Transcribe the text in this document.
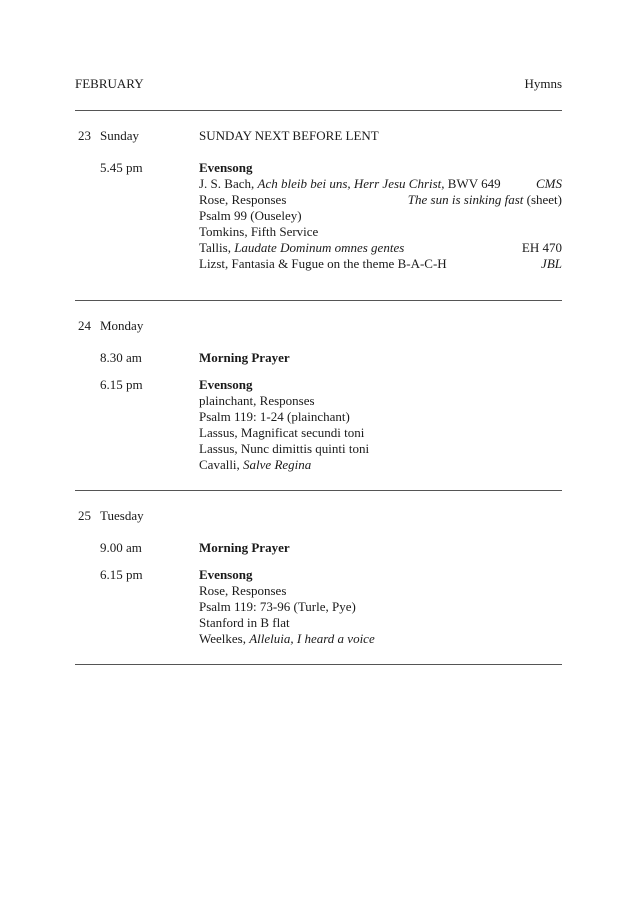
FEBRUARY	Hymns
23 Sunday	SUNDAY NEXT BEFORE LENT
5.45 pm	Evensong
J. S. Bach, Ach bleib bei uns, Herr Jesu Christ, BWV 649	CMS
Rose, Responses	The sun is sinking fast (sheet)
Psalm 99 (Ouseley)
Tomkins, Fifth Service
Tallis, Laudate Dominum omnes gentes	EH 470
Lizst, Fantasia & Fugue on the theme B-A-C-H	JBL
24 Monday
8.30 am	Morning Prayer
6.15 pm	Evensong
plainchant, Responses
Psalm 119: 1-24 (plainchant)
Lassus, Magnificat secundi toni
Lassus, Nunc dimittis quinti toni
Cavalli, Salve Regina
25 Tuesday
9.00 am	Morning Prayer
6.15 pm	Evensong
Rose, Responses
Psalm 119: 73-96 (Turle, Pye)
Stanford in B flat
Weelkes, Alleluia, I heard a voice
